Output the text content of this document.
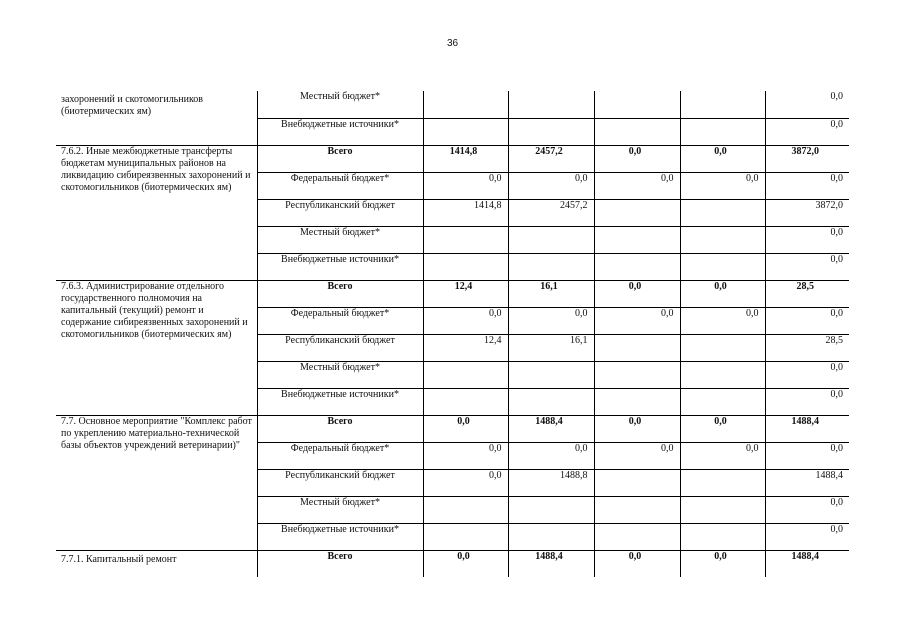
36
захоронений и скотомогильников (биотермических ям)	Местный бюджет*					0,0
	Внебюджетные источники*					0,0
7.6.2. Иные межбюджетные трансферты бюджетам муниципальных районов на ликвидацию сибиреязвенных захоронений и скотомогильников (биотермических ям)	Всего	1414,8	2457,2	0,0	0,0	3872,0
	Федеральный бюджет*	0,0	0,0	0,0	0,0	0,0
	Республиканский бюджет	1414,8	2457,2			3872,0
	Местный бюджет*					0,0
	Внебюджетные источники*					0,0
7.6.3. Администрирование отдельного государственного полномочия на капитальный (текущий) ремонт и содержание сибиреязвенных захоронений и скотомогильников (биотермических ям)	Всего	12,4	16,1	0,0	0,0	28,5
	Федеральный бюджет*	0,0	0,0	0,0	0,0	0,0
	Республиканский бюджет	12,4	16,1			28,5
	Местный бюджет*					0,0
	Внебюджетные источники*					0,0
7.7. Основное мероприятие "Комплекс работ по укреплению материально-технической базы объектов учреждений ветеринарии)"	Всего	0,0	1488,4	0,0	0,0	1488,4
	Федеральный бюджет*	0,0	0,0	0,0	0,0	0,0
	Республиканский бюджет	0,0	1488,8			1488,4
	Местный бюджет*					0,0
	Внебюджетные источники*					0,0
7.7.1. Капитальный ремонт	Всего	0,0	1488,4	0,0	0,0	1488,4
